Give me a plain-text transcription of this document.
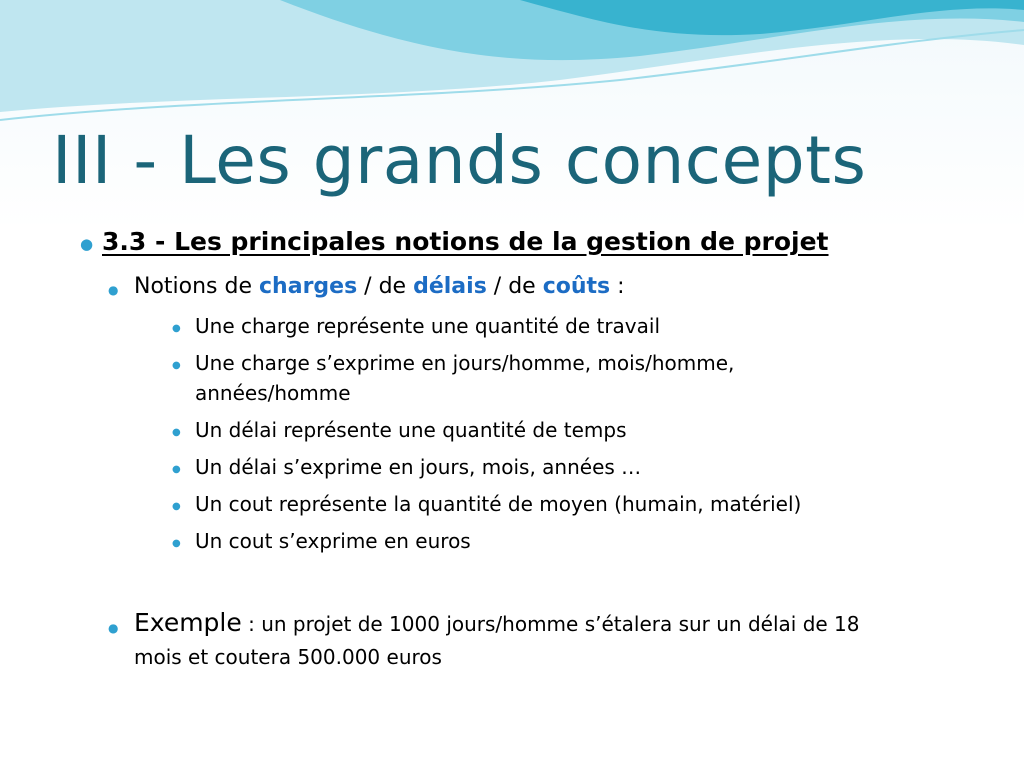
III - Les grands concepts
● 3.3 - Les principales notions de la gestion de projet
● Notions de charges / de délais / de coûts :
● Une charge représente une quantité de travail
● Une charge s’exprime en jours/homme, mois/homme,
années/homme
● Un délai représente une quantité de temps
● Un délai s’exprime en jours, mois, années …
● Un cout représente la quantité de moyen (humain, matériel)
● Un cout s’exprime en euros
● Exemple : un projet de 1000 jours/homme s’étalera sur un délai de 18
mois et coutera 500.000 euros
